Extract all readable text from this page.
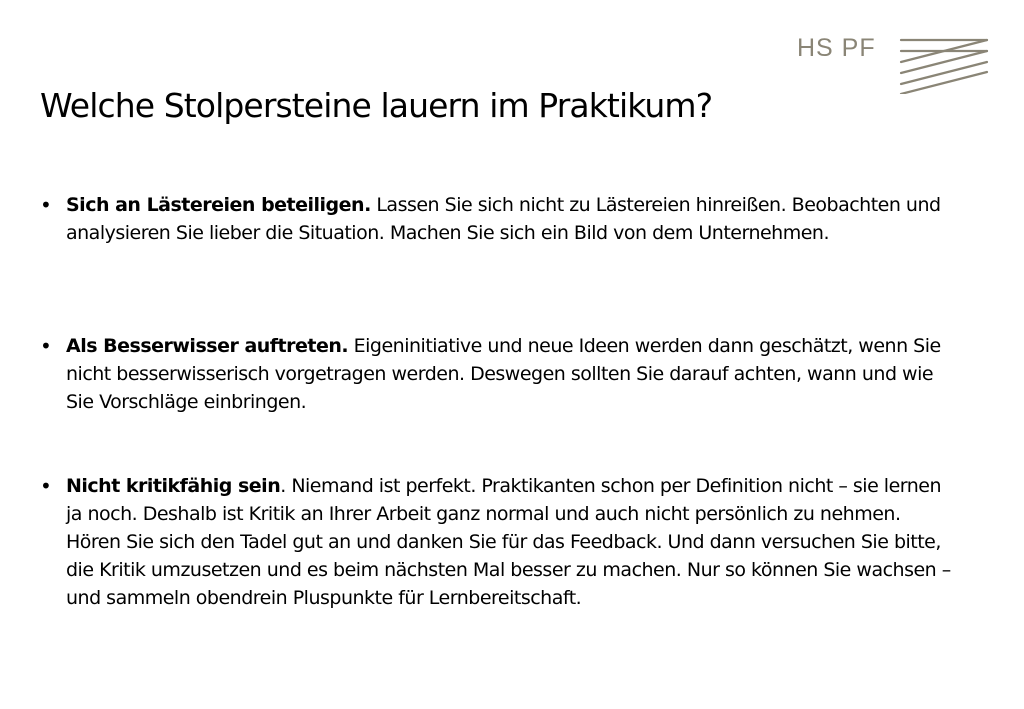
HS PF
Welche Stolpersteine lauern im Praktikum?
• Sich an Lästereien beteiligen. Lassen Sie sich nicht zu Lästereien hinreißen. Beobachten und analysieren Sie lieber die Situation. Machen Sie sich ein Bild von dem Unternehmen.
• Als Besserwisser auftreten. Eigeninitiative und neue Ideen werden dann geschätzt, wenn Sie nicht besserwisserisch vorgetragen werden. Deswegen sollten Sie darauf achten, wann und wie Sie Vorschläge einbringen.
• Nicht kritikfähig sein. Niemand ist perfekt. Praktikanten schon per Definition nicht – sie lernen ja noch. Deshalb ist Kritik an Ihrer Arbeit ganz normal und auch nicht persönlich zu nehmen. Hören Sie sich den Tadel gut an und danken Sie für das Feedback. Und dann versuchen Sie bitte, die Kritik umzusetzen und es beim nächsten Mal besser zu machen. Nur so können Sie wachsen – und sammeln obendrein Pluspunkte für Lernbereitschaft.
